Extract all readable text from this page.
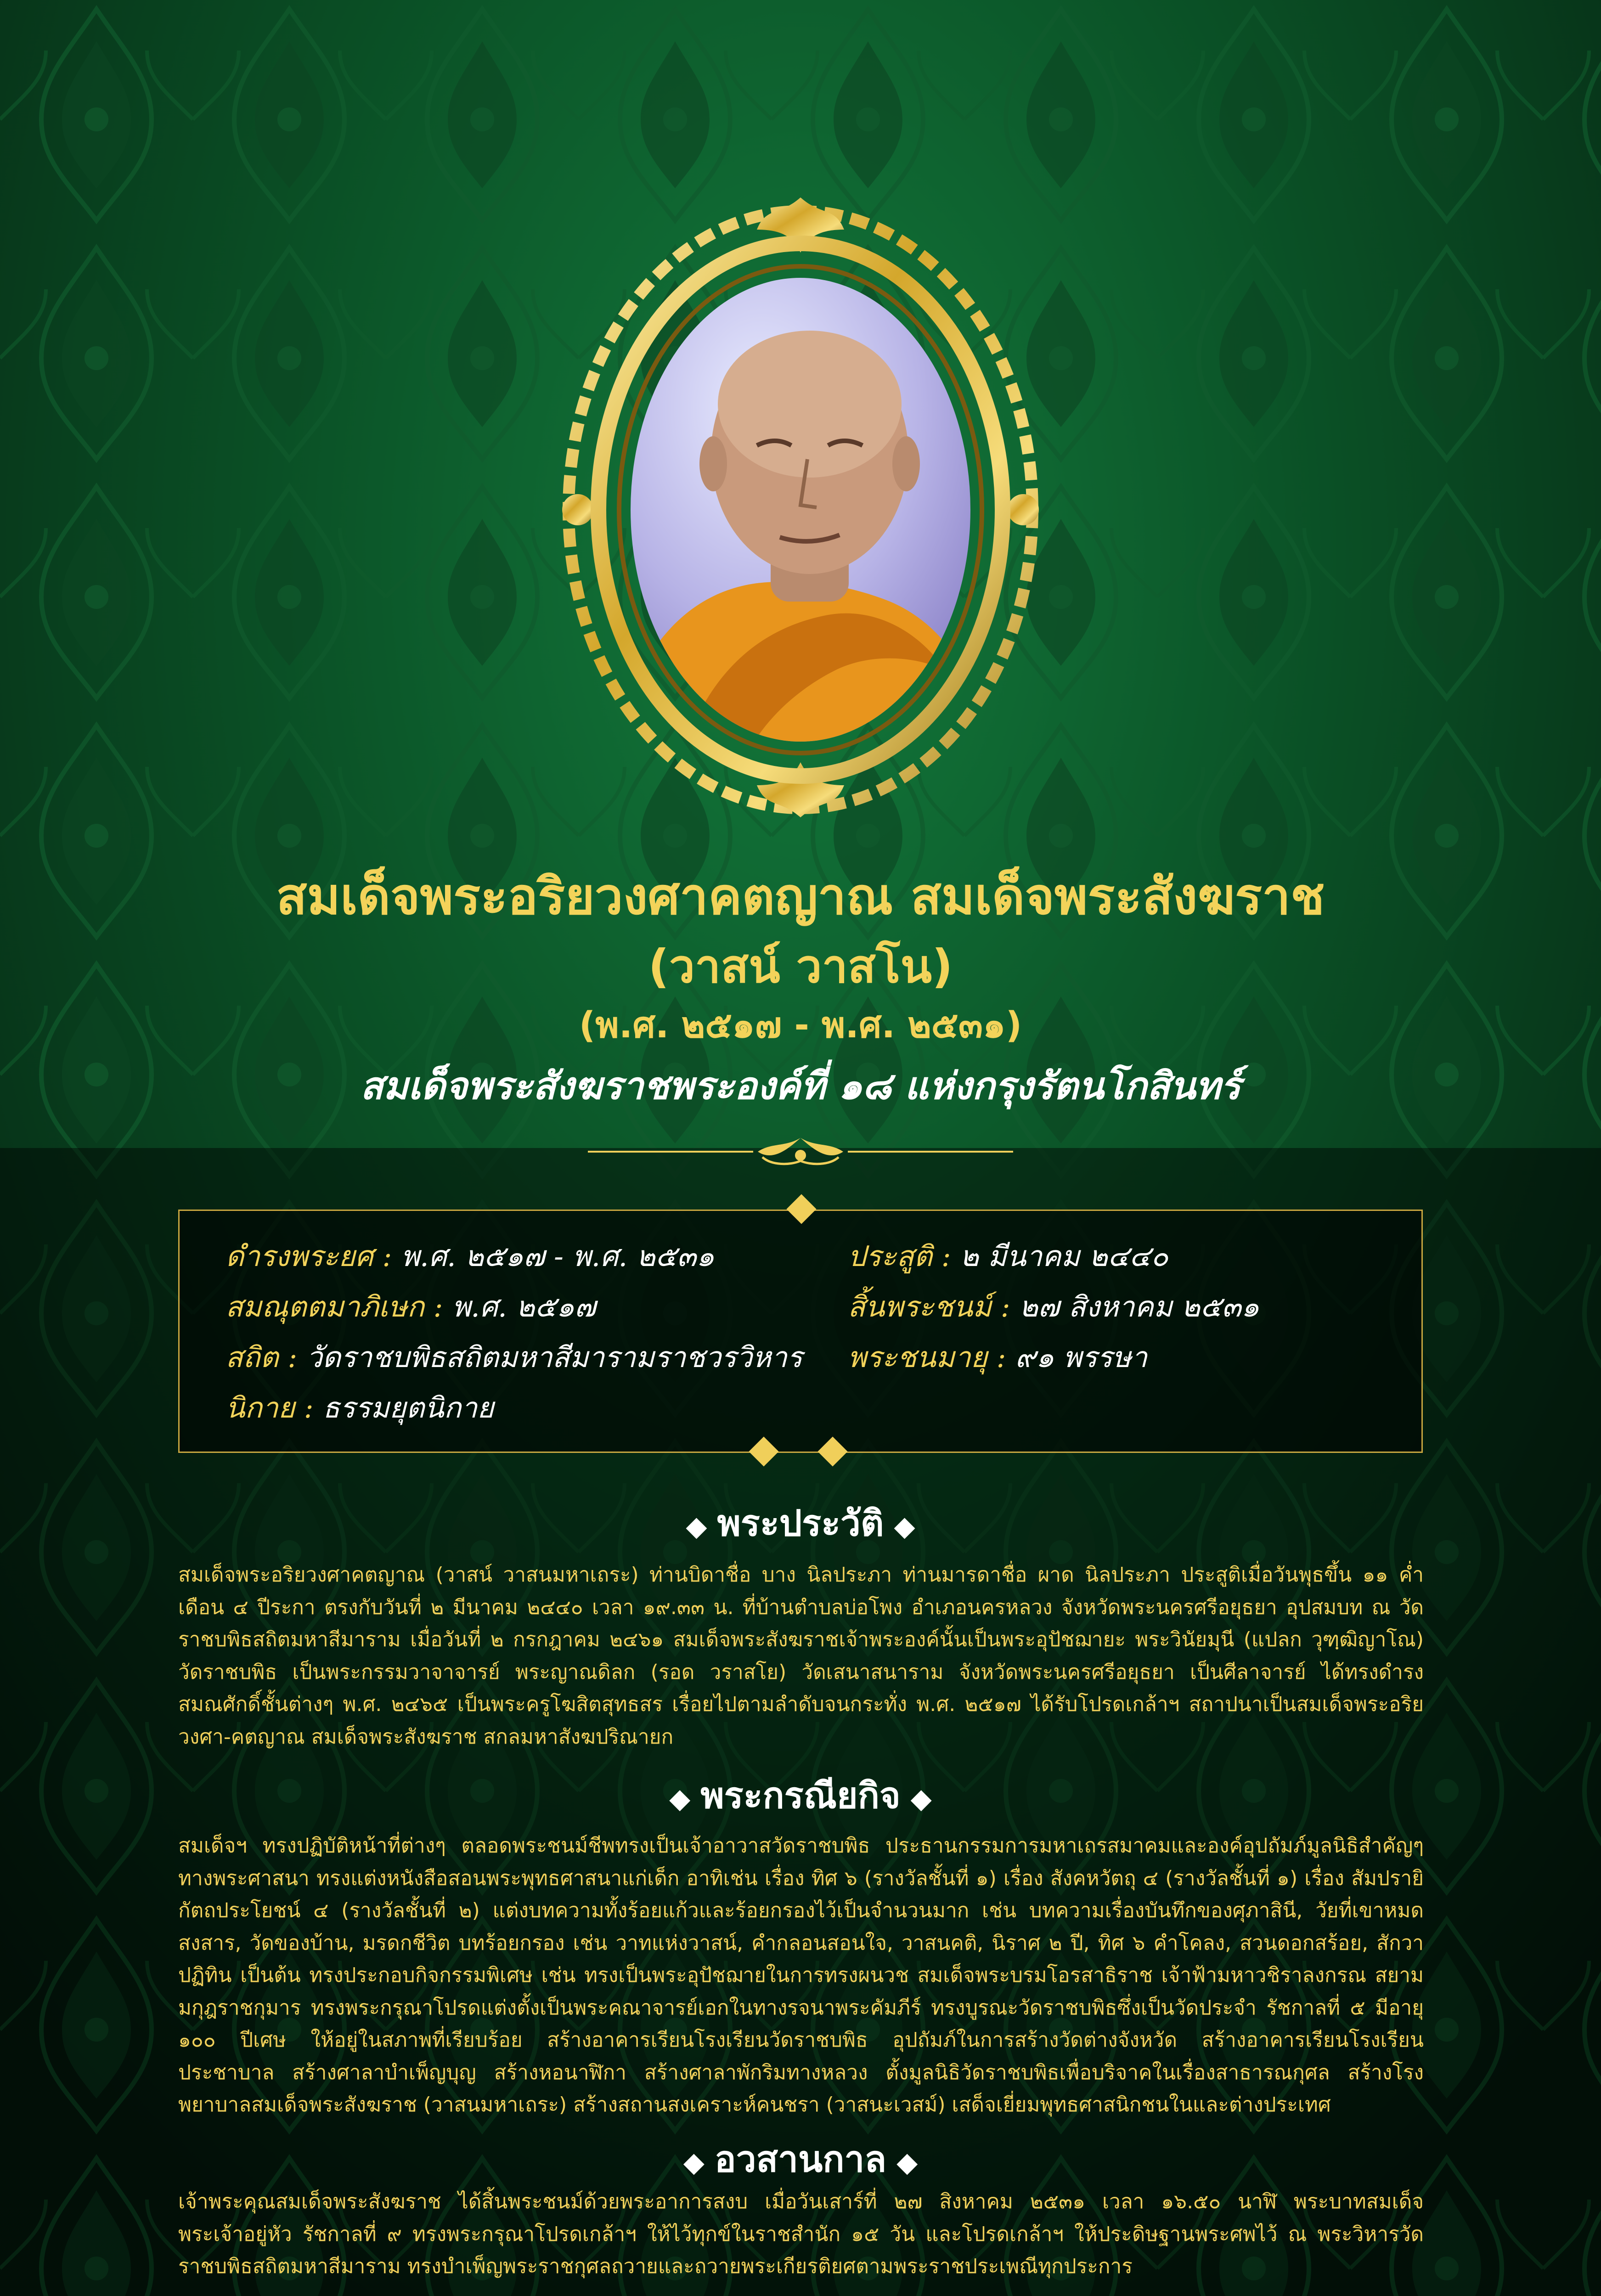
สมเด็จพระอริยวงศาคตญาณ สมเด็จพระสังฆราช
(วาสน์ วาสโน)
(พ.ศ. ๒๕๑๗ - พ.ศ. ๒๕๓๑)
สมเด็จพระสังฆราชพระองค์ที่ ๑๘ แห่งกรุงรัตนโกสินทร์
ดำรงพระยศ : พ.ศ. ๒๕๑๗ - พ.ศ. ๒๕๓๑
สมณุตตมาภิเษก : พ.ศ. ๒๕๑๗
สถิต : วัดราชบพิธสถิตมหาสีมารามราชวรวิหาร
นิกาย : ธรรมยุตนิกาย
ประสูติ : ๒ มีนาคม ๒๔๔๐
สิ้นพระชนม์ : ๒๗ สิงหาคม ๒๕๓๑
พระชนมายุ : ๙๑ พรรษา
◆ พระประวัติ ◆
สมเด็จพระอริยวงศาคตญาณ (วาสน์ วาสนมหาเถระ) ท่านบิดาชื่อ บาง นิลประภา ท่านมารดาชื่อ ผาด นิลประภา ประสูติเมื่อวันพุธขึ้น ๑๑ ค่ำ เดือน ๔ ปีระกา ตรงกับวันที่ ๒ มีนาคม ๒๔๔๐ เวลา ๑๙.๓๓ น. ที่บ้านตำบลบ่อโพง อำเภอนครหลวง จังหวัดพระนครศรีอยุธยา อุปสมบท ณ วัดราชบพิธสถิตมหาสีมาราม เมื่อวันที่ ๒ กรกฎาคม ๒๔๖๑ สมเด็จพระสังฆราชเจ้าพระองค์นั้นเป็นพระอุปัชฌายะ พระวินัยมุนี (แปลก วุฑฺฒิญาโณ) วัดราชบพิธ เป็นพระกรรมวาจาจารย์ พระญาณดิลก (รอด วราสโย) วัดเสนาสนาราม จังหวัดพระนครศรีอยุธยา เป็นศีลาจารย์ ได้ทรงดำรงสมณศักดิ์ชั้นต่างๆ พ.ศ. ๒๔๖๕ เป็นพระครูโฆสิตสุทธสร เรื่อยไปตามลำดับจนกระทั่ง พ.ศ. ๒๕๑๗ ได้รับโปรดเกล้าฯ สถาปนาเป็นสมเด็จพระอริยวงศา-คตญาณ สมเด็จพระสังฆราช สกลมหาสังฆปริณายก
◆ พระกรณียกิจ ◆
สมเด็จฯ ทรงปฏิบัติหน้าที่ต่างๆ ตลอดพระชนม์ชีพทรงเป็นเจ้าอาวาสวัดราชบพิธ ประธานกรรมการมหาเถรสมาคมและองค์อุปถัมภ์มูลนิธิสำคัญๆ ทางพระศาสนา ทรงแต่งหนังสือสอนพระพุทธศาสนาแก่เด็ก อาทิเช่น เรื่อง ทิศ ๖ (รางวัลชั้นที่ ๑) เรื่อง สังคหวัตถุ ๔ (รางวัลชั้นที่ ๑) เรื่อง สัมปรายิกัตถประโยชน์ ๔ (รางวัลชั้นที่ ๒) แต่งบทความทั้งร้อยแก้วและร้อยกรองไว้เป็นจำนวนมาก เช่น บทความเรื่องบันทึกของศุภาสินี, วัยที่เขาหมดสงสาร, วัดของบ้าน, มรดกชีวิต บทร้อยกรอง เช่น วาทแห่งวาสน์, คำกลอนสอนใจ, วาสนคติ, นิราศ ๒ ปี, ทิศ ๖ คำโคลง, สวนดอกสร้อย, สักวาปฏิทิน เป็นต้น ทรงประกอบกิจกรรมพิเศษ เช่น ทรงเป็นพระอุปัชฌายในการทรงผนวช สมเด็จพระบรมโอรสาธิราช เจ้าฟ้ามหาวชิราลงกรณ สยามมกุฎราชกุมาร ทรงพระกรุณาโปรดแต่งตั้งเป็นพระคณาจารย์เอกในทางรจนาพระคัมภีร์ ทรงบูรณะวัดราชบพิธซึ่งเป็นวัดประจำ รัชกาลที่ ๕ มีอายุ ๑๐๐ ปีเศษ ให้อยู่ในสภาพที่เรียบร้อย สร้างอาคารเรียนโรงเรียนวัดราชบพิธ อุปถัมภ์ในการสร้างวัดต่างจังหวัด สร้างอาคารเรียนโรงเรียนประชาบาล สร้างศาลาบำเพ็ญบุญ สร้างหอนาฬิกา สร้างศาลาพักริมทางหลวง ตั้งมูลนิธิวัดราชบพิธเพื่อบริจาคในเรื่องสาธารณกุศล สร้างโรงพยาบาลสมเด็จพระสังฆราช (วาสนมหาเถระ) สร้างสถานสงเคราะห์คนชรา (วาสนะเวสม์) เสด็จเยี่ยมพุทธศาสนิกชนในและต่างประเทศ
◆ อวสานกาล ◆
เจ้าพระคุณสมเด็จพระสังฆราช ได้สิ้นพระชนม์ด้วยพระอาการสงบ เมื่อวันเสาร์ที่ ๒๗ สิงหาคม ๒๕๓๑ เวลา ๑๖.๕๐ นาฬิ พระบาทสมเด็จพระเจ้าอยู่หัว รัชกาลที่ ๙ ทรงพระกรุณาโปรดเกล้าฯ ให้ไว้ทุกข์ในราชสำนัก ๑๕ วัน และโปรดเกล้าฯ ให้ประดิษฐานพระศพไว้ ณ พระวิหารวัดราชบพิธสถิตมหาสีมาราม ทรงบำเพ็ญพระราชกุศลถวายและถวายพระเกียรติยศตามพระราชประเพณีทุกประการ
